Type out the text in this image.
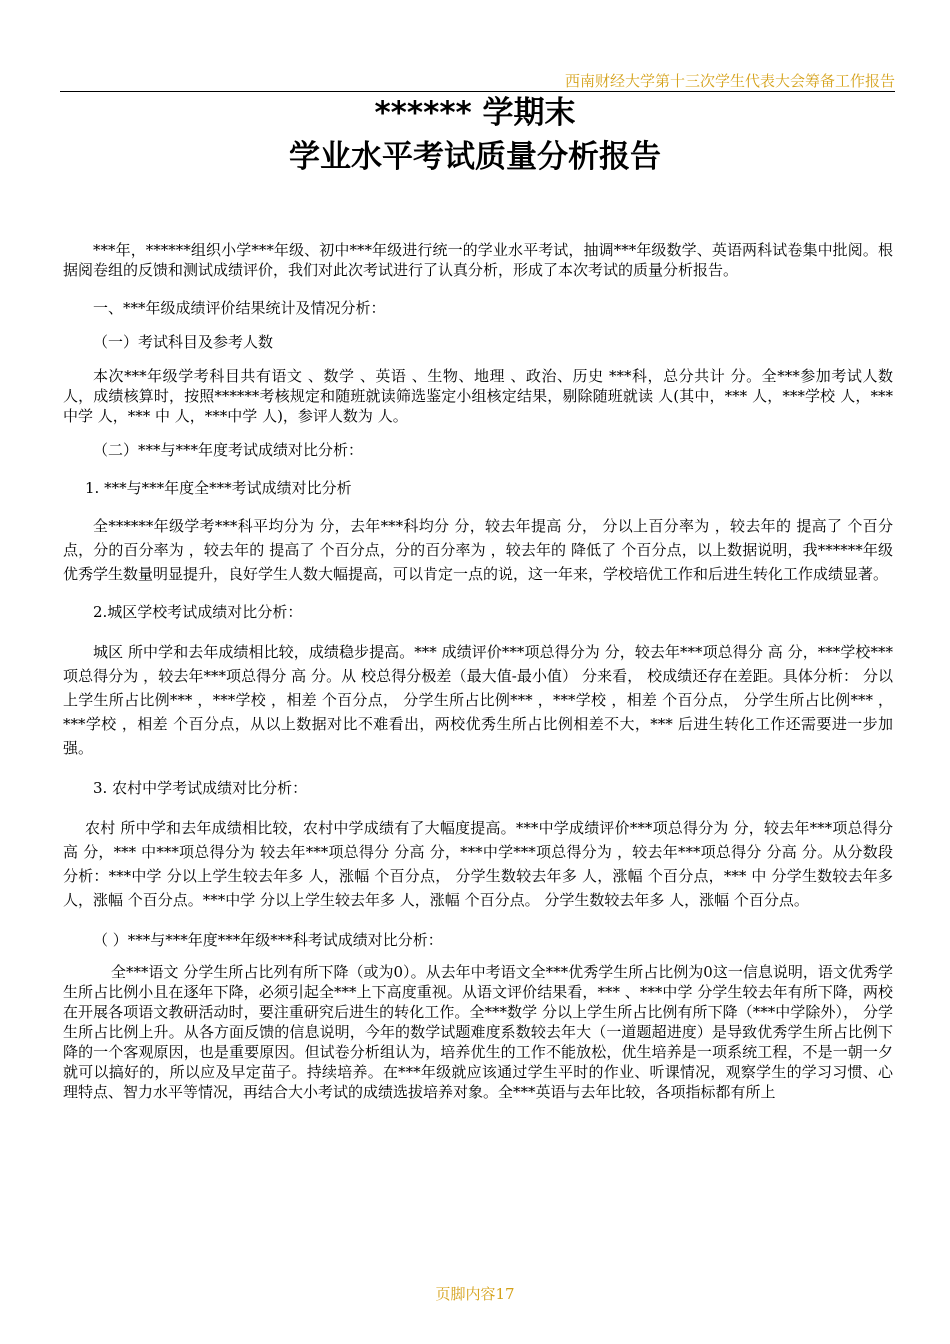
西南财经大学第十三次学生代表大会筹备工作报告
****** 学期末
学业水平考试质量分析报告

***年，******组织小学***年级、初中***年级进行统一的学业水平考试，抽调***年级数学、英语两科试卷集中批阅。根据阅卷组的反馈和测试成绩评价，我们对此次考试进行了认真分析，形成了本次考试的质量分析报告。

一、***年级成绩评价结果统计及情况分析：

（一）考试科目及参考人数

本次***年级学考科目共有语文 、数学 、英语 、生物、地理 、政治、历史 ***科，总分共计 分。全***参加考试人数 人，成绩核算时，按照******考核规定和随班就读筛选鉴定小组核定结果，剔除随班就读 人(其中，*** 人，***学校 人，***中学 人，*** 中 人，***中学 人)，参评人数为 人。

（二）***与***年度考试成绩对比分析：

1. ***与***年度全***考试成绩对比分析

全******年级学考***科平均分为 分，去年***科均分 分，较去年提高 分， 分以上百分率为 ，较去年的 提高了 个百分点，分的百分率为 ，较去年的 提高了 个百分点，分的百分率为 ，较去年的 降低了 个百分点，以上数据说明，我******年级优秀学生数量明显提升，良好学生人数大幅提高，可以肯定一点的说，这一年来，学校培优工作和后进生转化工作成绩显著。

2.城区学校考试成绩对比分析：

城区 所中学和去年成绩相比较，成绩稳步提高。*** 成绩评价***项总得分为 分，较去年***项总得分 高 分，***学校***项总得分为 ，较去年***项总得分 高 分。从 校总得分极差（最大值-最小值） 分来看， 校成绩还存在差距。具体分析： 分以上学生所占比例*** ，***学校 ，相差 个百分点， 分学生所占比例*** ，***学校 ，相差 个百分点， 分学生所占比例*** ，***学校 ，相差 个百分点，从以上数据对比不难看出，两校优秀生所占比例相差不大，*** 后进生转化工作还需要进一步加强。

3. 农村中学考试成绩对比分析：

农村 所中学和去年成绩相比较，农村中学成绩有了大幅度提高。***中学成绩评价***项总得分为 分，较去年***项总得分 高 分，*** 中***项总得分为 较去年***项总得分 分高 分，***中学***项总得分为 ，较去年***项总得分 分高 分。从分数段分析：***中学 分以上学生较去年多 人，涨幅 个百分点， 分学生数较去年多 人，涨幅 个百分点，*** 中 分学生数较去年多 人，涨幅 个百分点。***中学 分以上学生较去年多 人，涨幅 个百分点。 分学生数较去年多 人，涨幅 个百分点。

（ ）***与***年度***年级***科考试成绩对比分析：

全***语文 分学生所占比列有所下降（或为0）。从去年中考语文全***优秀学生所占比例为0这一信息说明，语文优秀学生所占比例小且在逐年下降，必须引起全***上下高度重视。从语文评价结果看，*** 、***中学 分学生较去年有所下降，两校在开展各项语文教研活动时，要注重研究后进生的转化工作。全***数学 分以上学生所占比例有所下降（***中学除外）， 分学生所占比例上升。从各方面反馈的信息说明，今年的数学试题难度系数较去年大（一道题超进度）是导致优秀学生所占比例下降的一个客观原因，也是重要原因。但试卷分析组认为，培养优生的工作不能放松，优生培养是一项系统工程，不是一朝一夕就可以搞好的，所以应及早定苗子。持续培养。在***年级就应该通过学生平时的作业、听课情况，观察学生的学习习惯、心理特点、智力水平等情况，再结合大小考试的成绩选拔培养对象。全***英语与去年比较，各项指标都有所上

页脚内容17
